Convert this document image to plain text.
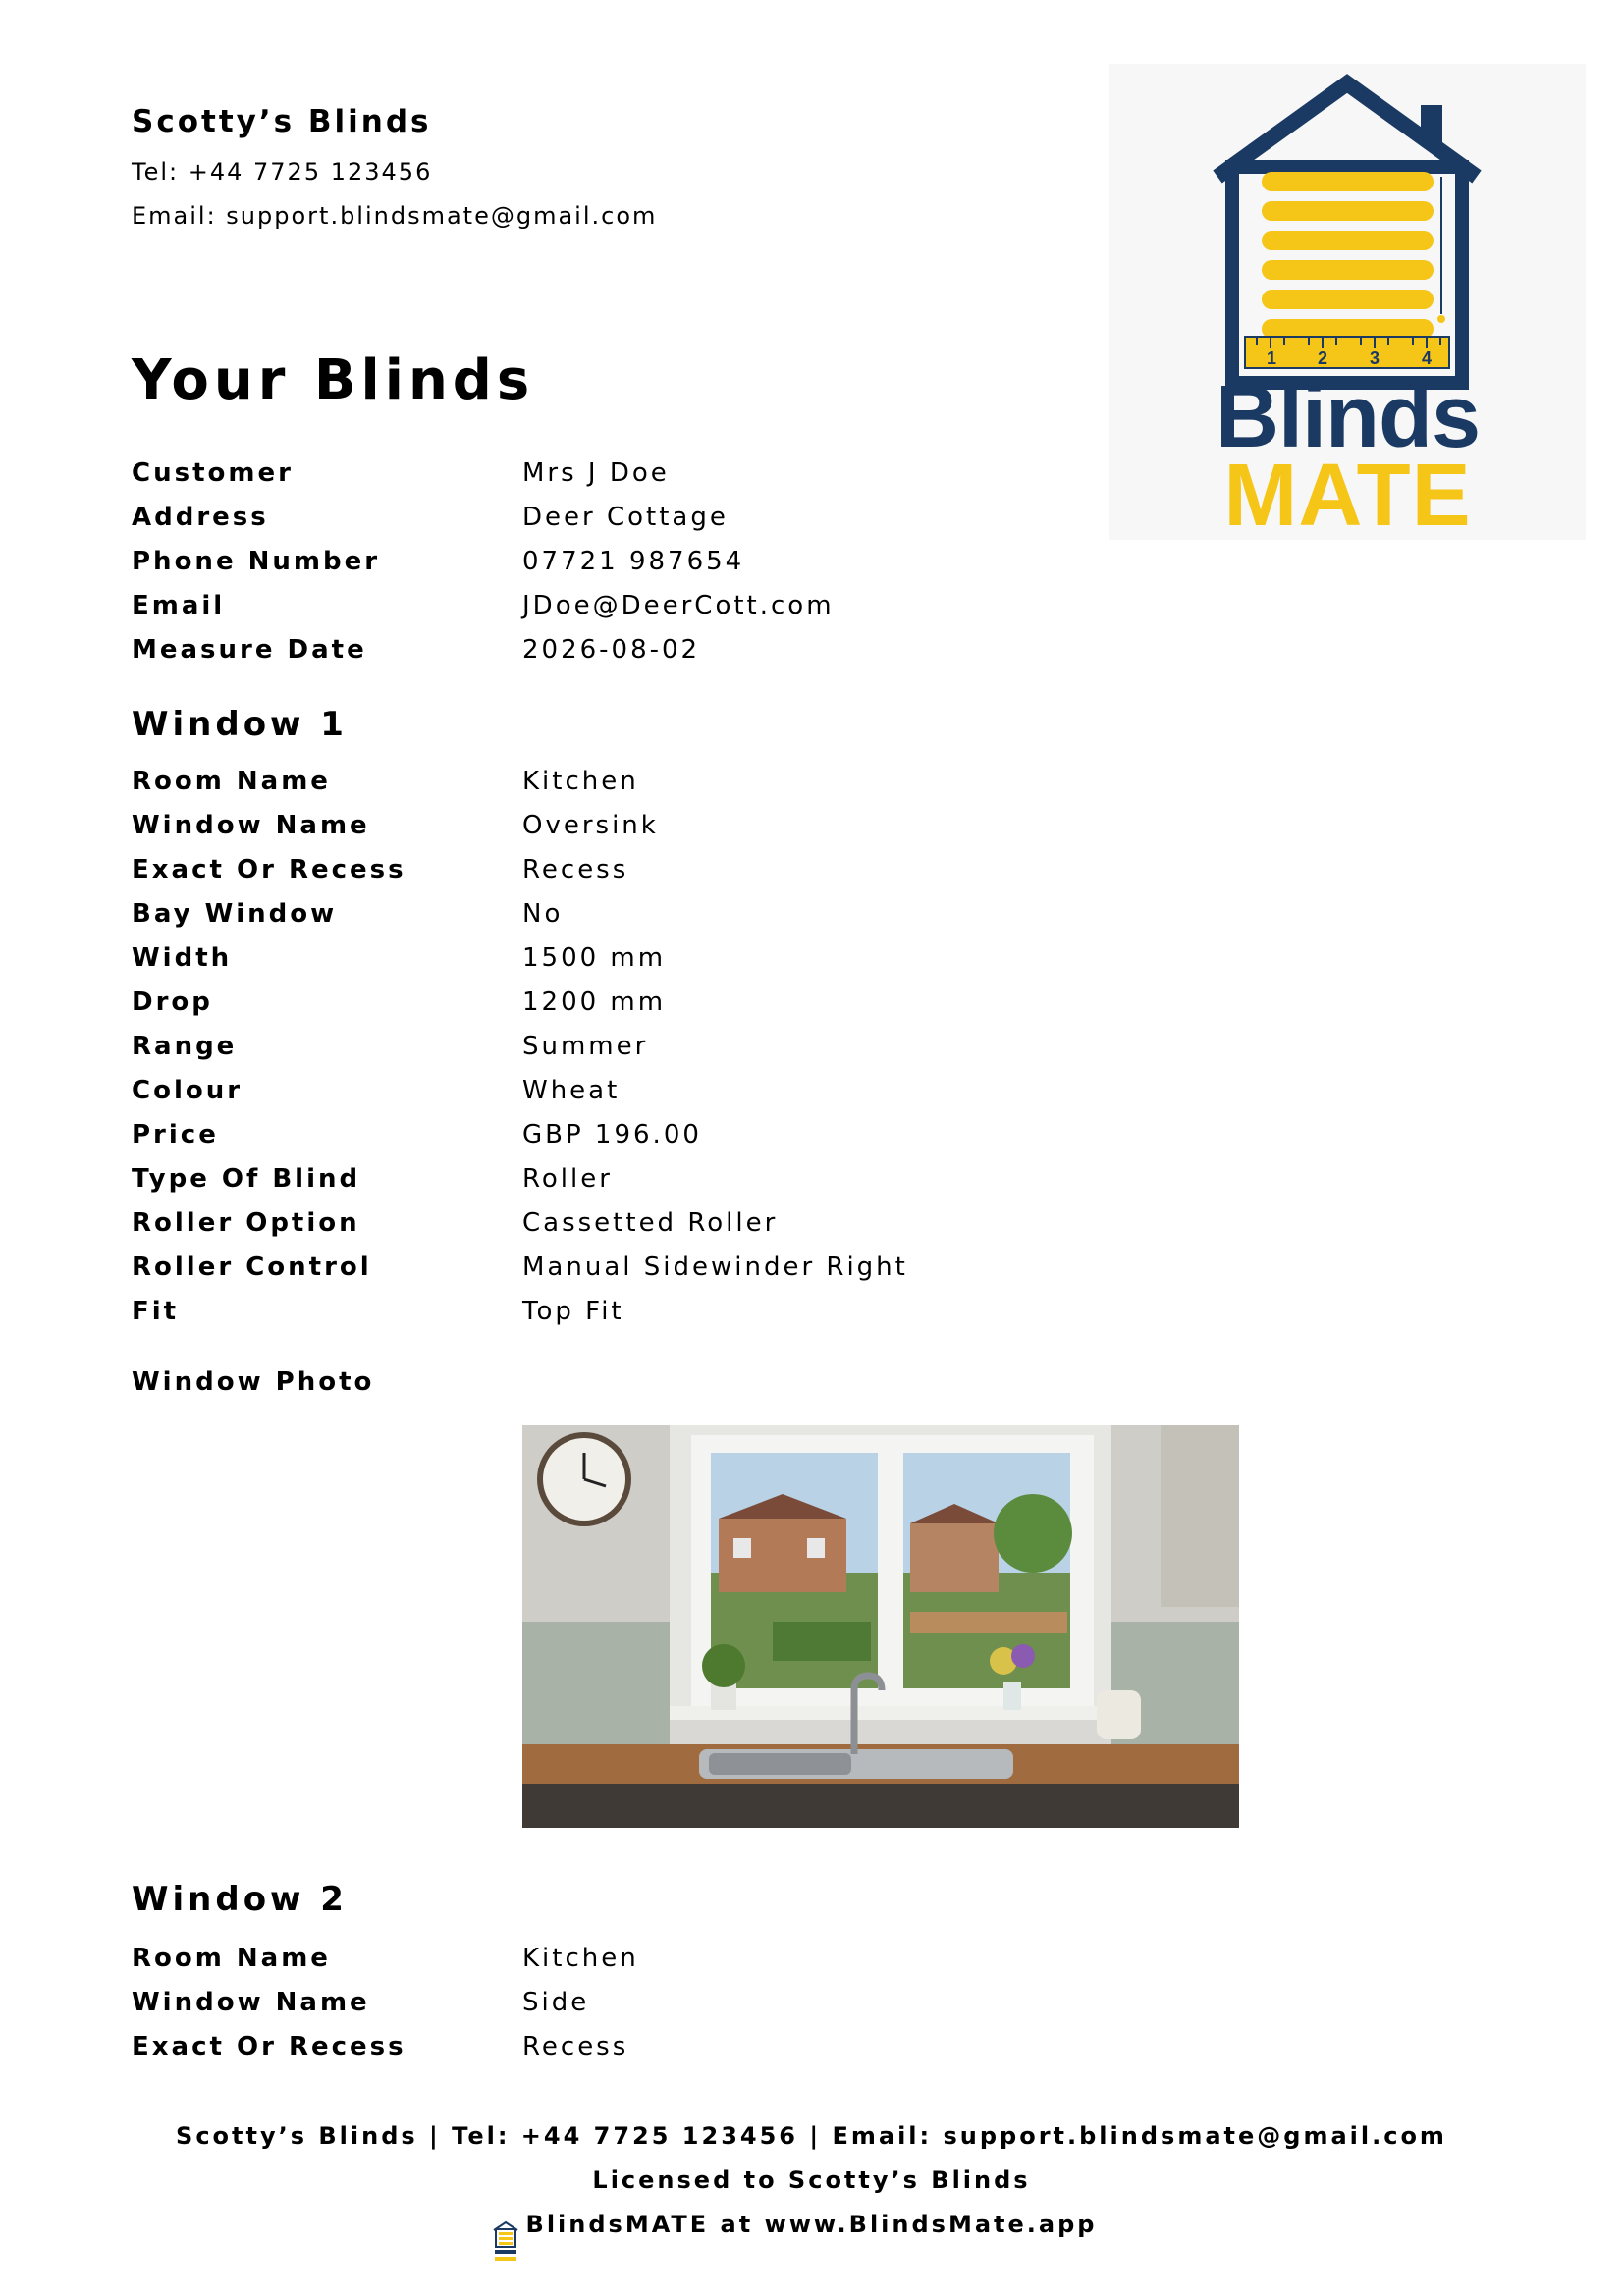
Scotty’s Blinds
Tel: +44 7725 123456
Email: support.blindsmate@gmail.com
1 2 3 4
Blinds
MATE
Your Blinds
Customer	Mrs J Doe
Address	Deer Cottage
Phone Number	07721 987654
Email	JDoe@DeerCott.com
Measure Date	2026-08-02
Window 1
Room Name	Kitchen
Window Name	Oversink
Exact Or Recess	Recess
Bay Window	No
Width	1500 mm
Drop	1200 mm
Range	Summer
Colour	Wheat
Price	GBP 196.00
Type Of Blind	Roller
Roller Option	Cassetted Roller
Roller Control	Manual Sidewinder Right
Fit	Top Fit
Window Photo
Window 2
Room Name	Kitchen
Window Name	Side
Exact Or Recess	Recess
Scotty’s Blinds | Tel: +44 7725 123456 | Email: support.blindsmate@gmail.com
Licensed to Scotty’s Blinds
BlindsMATE at www.BlindsMate.app
